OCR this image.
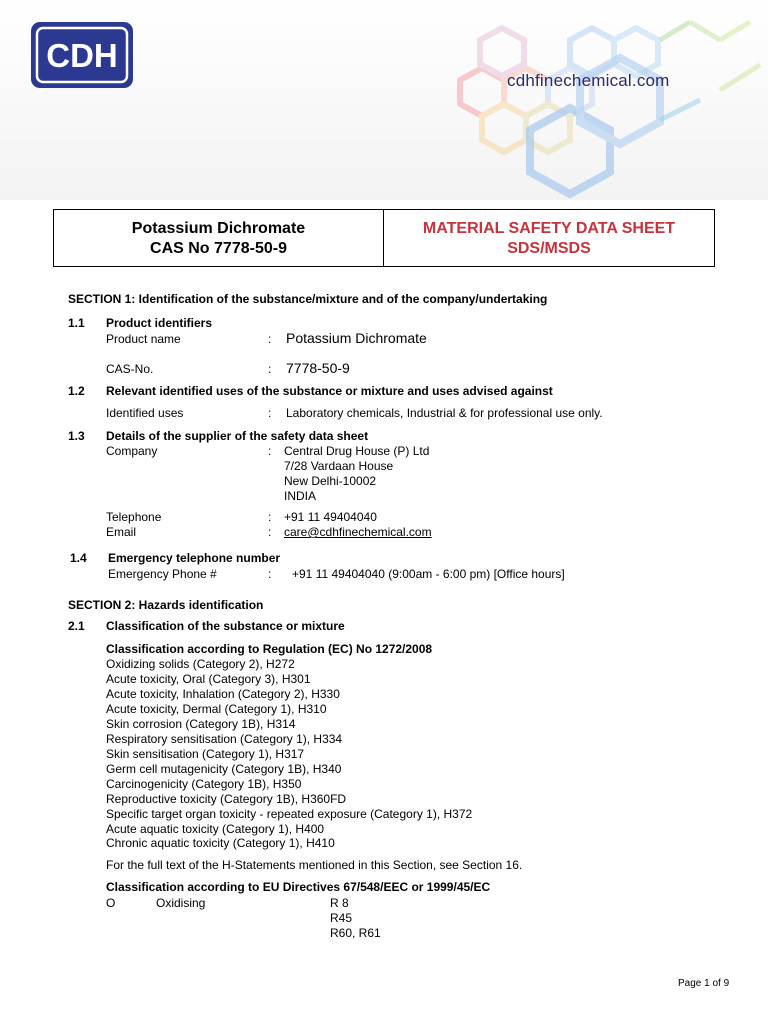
CDH
cdhfinechemical.com
Potassium Dichromate
CAS No 7778-50-9
MATERIAL SAFETY DATA SHEET
SDS/MSDS
SECTION 1: Identification of the substance/mixture and of the company/undertaking
1.1 Product identifiers
Product name	: Potassium Dichromate
CAS-No.	: 7778-50-9
1.2 Relevant identified uses of the substance or mixture and uses advised against
Identified uses	: Laboratory chemicals, Industrial & for professional use only.
1.3 Details of the supplier of the safety data sheet
Company	: Central Drug House (P) Ltd
7/28 Vardaan House
New Delhi-10002
INDIA
Telephone	: +91 11 49404040
Email	: care@cdhfinechemical.com
1.4 Emergency telephone number
Emergency Phone #	: +91 11 49404040 (9:00am - 6:00 pm) [Office hours]
SECTION 2: Hazards identification
2.1 Classification of the substance or mixture
Classification according to Regulation (EC) No 1272/2008
Oxidizing solids (Category 2), H272
Acute toxicity, Oral (Category 3), H301
Acute toxicity, Inhalation (Category 2), H330
Acute toxicity, Dermal (Category 1), H310
Skin corrosion (Category 1B), H314
Respiratory sensitisation (Category 1), H334
Skin sensitisation (Category 1), H317
Germ cell mutagenicity (Category 1B), H340
Carcinogenicity (Category 1B), H350
Reproductive toxicity (Category 1B), H360FD
Specific target organ toxicity - repeated exposure (Category 1), H372
Acute aquatic toxicity (Category 1), H400
Chronic aquatic toxicity (Category 1), H410
For the full text of the H-Statements mentioned in this Section, see Section 16.
Classification according to EU Directives 67/548/EEC or 1999/45/EC
O	Oxidising	R 8
R45
R60, R61
Page 1 of 9
